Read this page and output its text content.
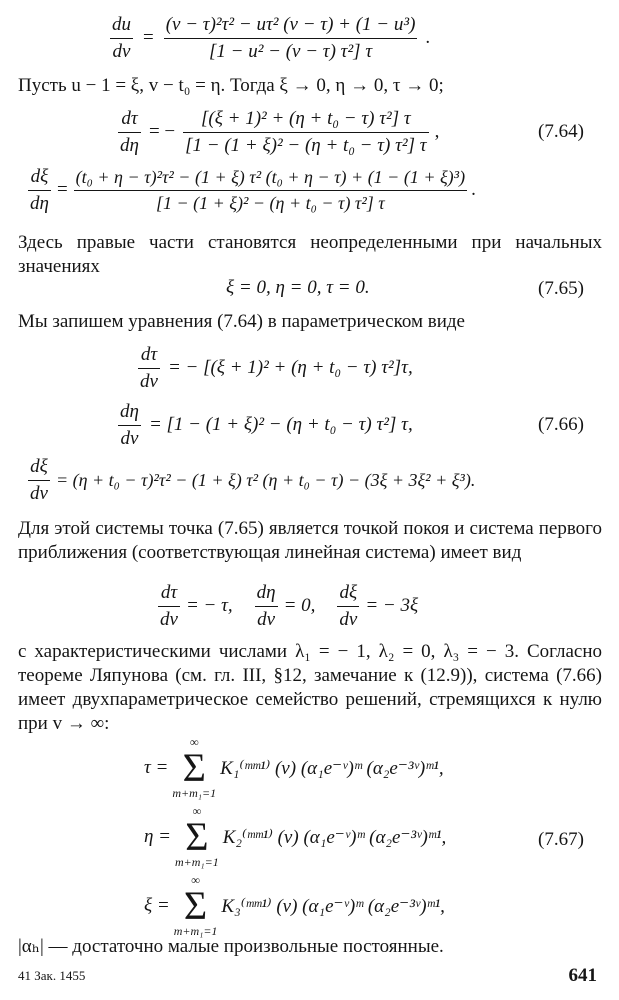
$\frac{du}{dv} = \frac{\text{(v − τ)²τ² − uτ² (v − τ) + (1 − u³)}}{\text{[1 − u² − (v − τ) τ²] τ}}$ .
Пусть u − 1 = ξ, v − t₀ = η. Тогда ξ → 0, η → 0, τ → 0;
$\frac{d\tau}{d\eta}$ = − $\frac{\text{[(ξ + 1)² + (η + t₀ − τ) τ²] τ}}{\text{[1 − (1 + ξ)² − (η + t₀ − τ) τ²] τ}}$ ,	(7.64)
$\frac{d\xi}{d\eta} = \frac{\text{(t₀ + η − τ)²τ² − (1 + ξ) τ² (t₀ + η − τ) + (1 − (1 + ξ)³)}}{\text{[1 − (1 + ξ)² − (η + t₀ − τ) τ²] τ}}$ .
Здесь правые части становятся неопределенными при начальных значениях
ξ = 0, η = 0, τ = 0.	(7.65)
Мы запишем уравнения (7.64) в параметрическом виде
$\frac{d\tau}{dv}$ = − [(ξ + 1)² + (η + t₀ − τ) τ²]τ,
$\frac{d\eta}{dv} = [1 - (1 + \xi)^2 - (\eta + t_0 - \tau)$ τ²] τ,	(7.66)
$\frac{d\xi}{dv} = (\eta + t_0 - \tau)^2\tau^2 - (1 + \xi)$ τ² (η + t₀ − τ) − (3ξ + 3ξ² + ξ³).
Для этой системы точка (7.65) является точкой покоя и система первого приближения (соответствующая линейная система) имеет вид
$\frac{d\tau}{dv}$ = − τ, $\frac{d\eta}{dv} = 0$, $\frac{d\xi}{dv}$ = − 3ξ
с характеристическими числами λ₁ = − 1, λ₂ = 0, λ₃ = − 3. Согласно теореме Ляпунова (см. гл. III, §12, замечание к (12.9)), система (7.66) имеет двухпараметрическое семейство решений, стремящихся к нулю при v → ∞:
τ =
∞
Σ
m+m₁=1
K₁⁽ᵐᵐ¹⁾ (v) (α₁e⁻ᵛ)ᵐ (α₂e⁻³ᵛ)ᵐ¹,
η =
∞
Σ
m+m₁=1
K₂⁽ᵐᵐ¹⁾ (v) (α₁e⁻ᵛ)ᵐ (α₂e⁻³ᵛ)ᵐ¹,	(7.67)
ξ =
∞
Σ
m+m₁=1
K₃⁽ᵐᵐ¹⁾ (v) (α₁e⁻ᵛ)ᵐ (α₂e⁻³ᵛ)ᵐ¹,
|αₕ| — достаточно малые произвольные постоянные.
41 Зак. 1455	641
